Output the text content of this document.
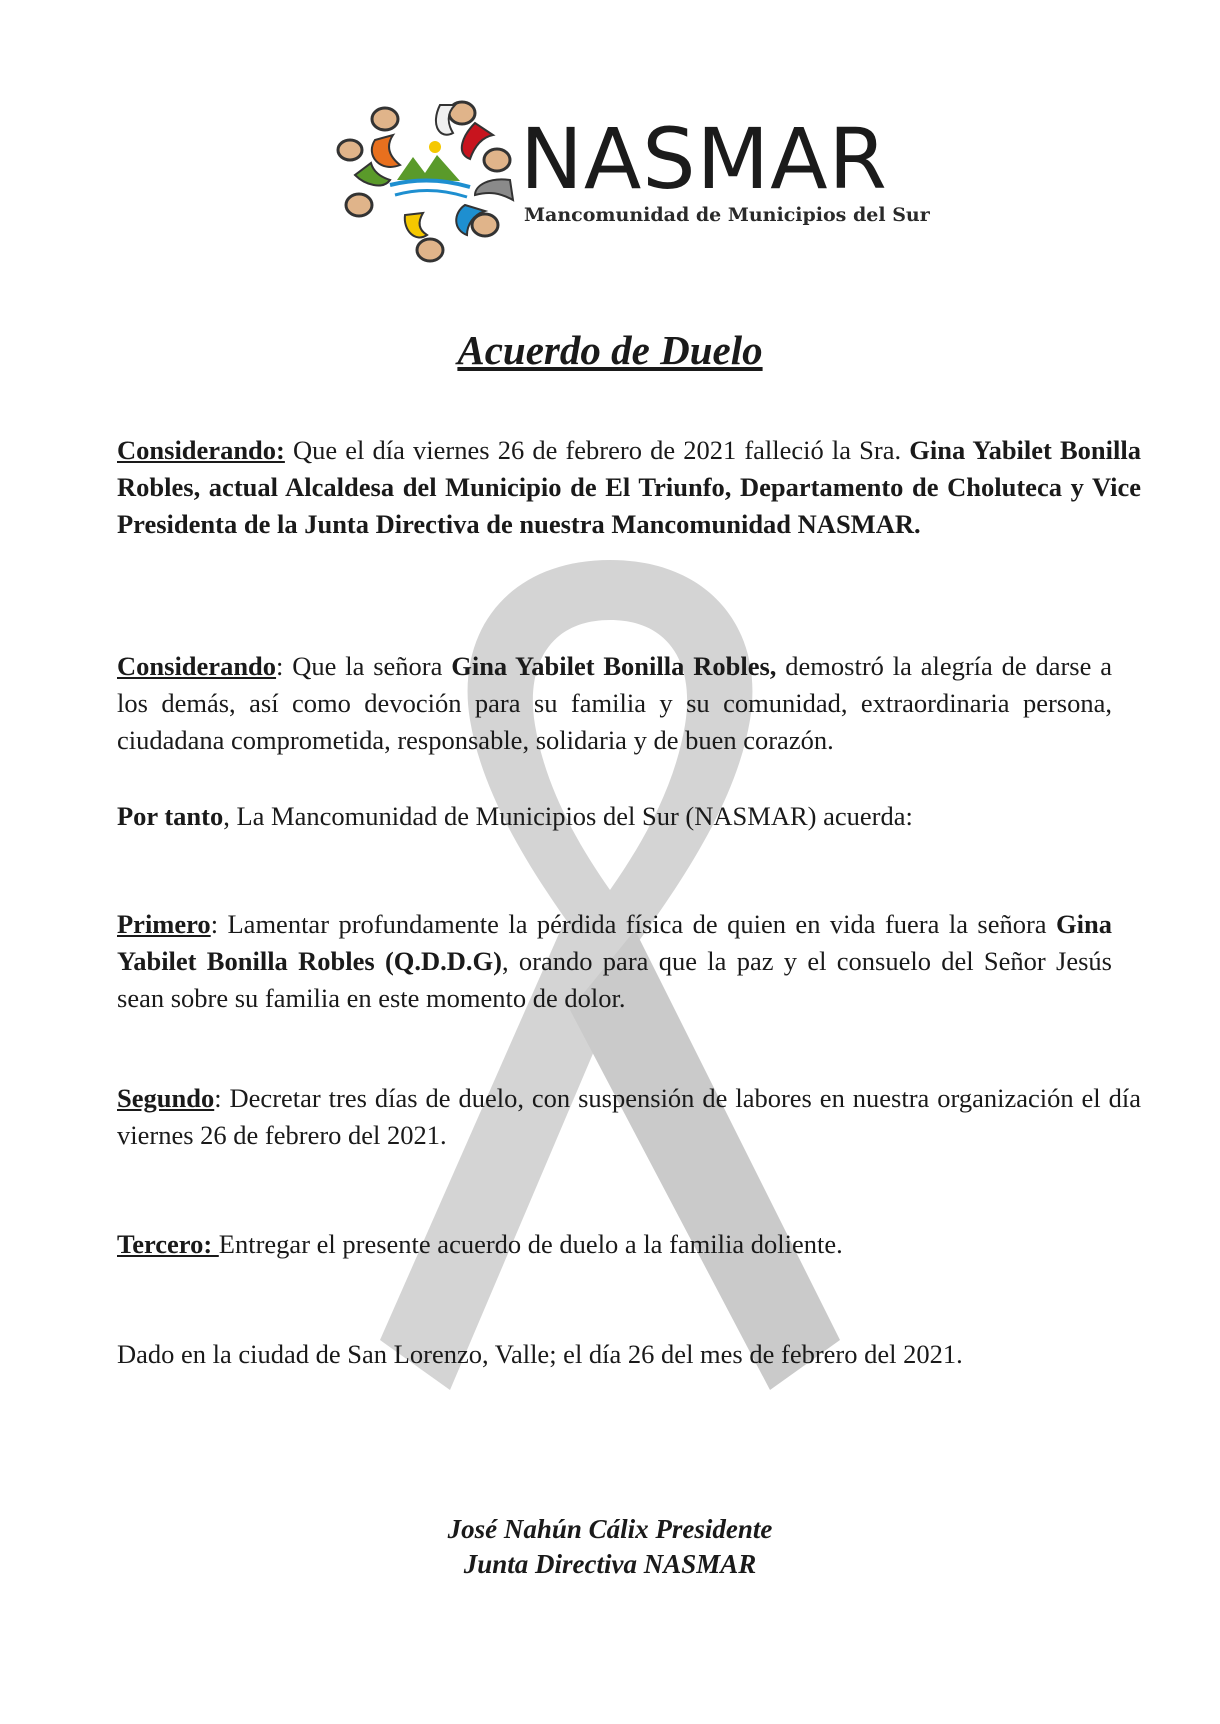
NASMAR
Mancomunidad de Municipios del Sur
Acuerdo de Duelo

Considerando: Que el día viernes 26 de febrero de 2021 falleció la Sra. Gina Yabilet Bonilla Robles, actual Alcaldesa del Municipio de El Triunfo, Departamento de Choluteca y Vice Presidenta de la Junta Directiva de nuestra Mancomunidad NASMAR.

Considerando: Que la señora Gina Yabilet Bonilla Robles, demostró la alegría de darse a los demás, así como devoción para su familia y su comunidad, extraordinaria persona, ciudadana comprometida, responsable, solidaria y de buen corazón.

Por tanto, La Mancomunidad de Municipios del Sur (NASMAR) acuerda:

Primero: Lamentar profundamente la pérdida física de quien en vida fuera la señora Gina Yabilet Bonilla Robles (Q.D.D.G), orando para que la paz y el consuelo del Señor Jesús sean sobre su familia en este momento de dolor.

Segundo: Decretar tres días de duelo, con suspensión de labores en nuestra organización el día viernes 26 de febrero del 2021.

Tercero: Entregar el presente acuerdo de duelo a la familia doliente.

Dado en la ciudad de San Lorenzo, Valle; el día 26 del mes de febrero del 2021.

José Nahún Cálix Presidente
Junta Directiva NASMAR
